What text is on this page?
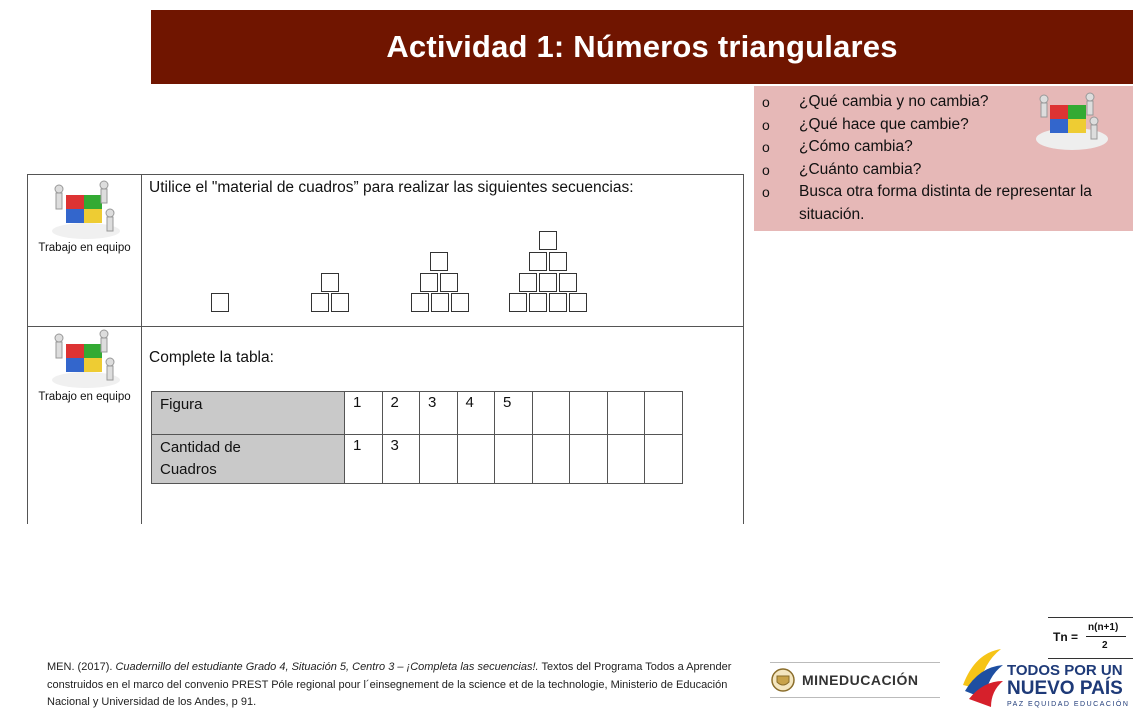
Actividad 1: Números triangulares
o ¿Qué cambia y no cambia?
o ¿Qué hace que cambie?
o ¿Cómo cambia?
o ¿Cuánto cambia?
o Busca otra forma distinta de representar la situación.
Trabajo en equipo
Trabajo en equipo
Utilice el "material de cuadros” para realizar las siguientes secuencias:
Complete la tabla:
Figura	1	2	3	4	5				
Cantidad de
Cuadros	1	3							
MEN. (2017). Cuadernillo del estudiante Grado 4, Situación 5, Centro 3 – ¡Completa las secuencias!. Textos del Programa Todos a Aprender construidos en el marco del convenio PREST Póle regional pour l´einsegnement de la science et de la technologie, Ministerio de Educación Nacional y Universidad de los Andes, p 91.
Tn =
n(n+1)
2
MINEDUCACIÓN
TODOS POR UN
NUEVO PAÍS
PAZ EQUIDAD EDUCACIÓN
